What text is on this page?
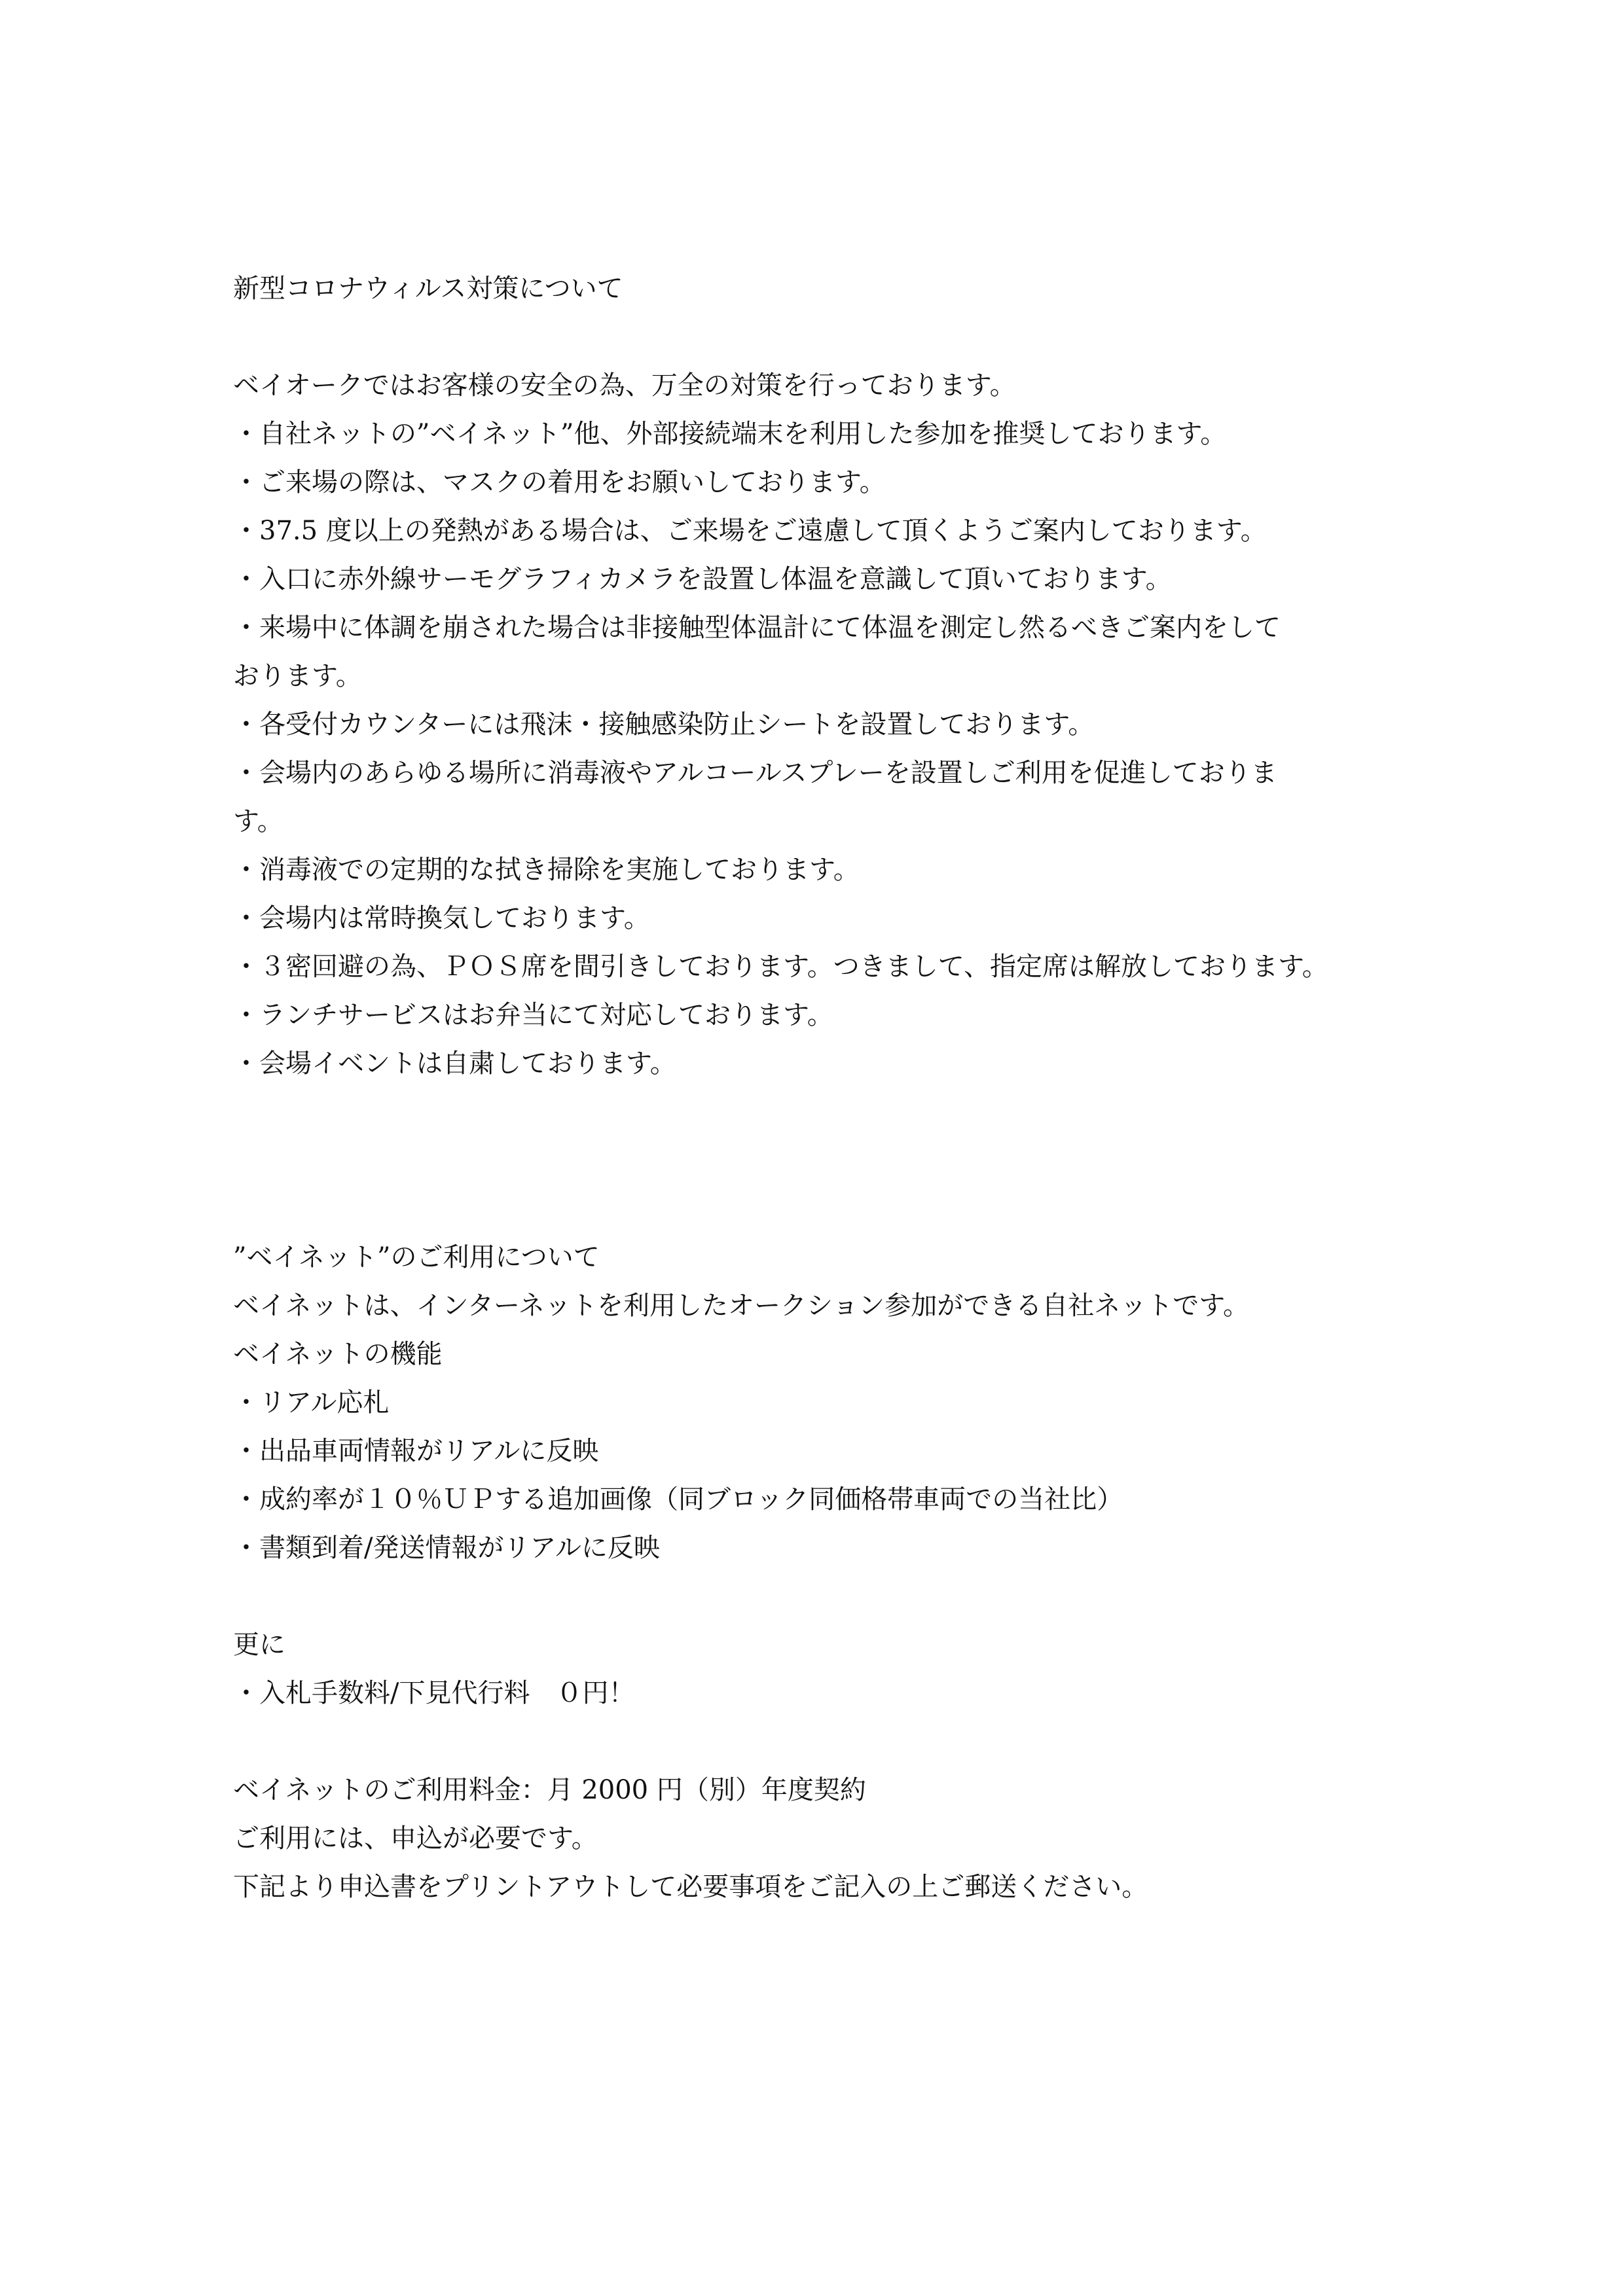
新型コロナウィルス対策について
ベイオークではお客様の安全の為、万全の対策を行っております。
・自社ネットの”ベイネット”他、外部接続端末を利用した参加を推奨しております。
・ご来場の際は、マスクの着用をお願いしております。
・37.5 度以上の発熱がある場合は、ご来場をご遠慮して頂くようご案内しております。
・入口に赤外線サーモグラフィカメラを設置し体温を意識して頂いております。
・来場中に体調を崩された場合は非接触型体温計にて体温を測定し然るべきご案内をして
おります。
・各受付カウンターには飛沫・接触感染防止シートを設置しております。
・会場内のあらゆる場所に消毒液やアルコールスプレーを設置しご利用を促進しておりま
す。
・消毒液での定期的な拭き掃除を実施しております。
・会場内は常時換気しております。
・３密回避の為、ＰＯＳ席を間引きしております。つきまして、指定席は解放しております。
・ランチサービスはお弁当にて対応しております。
・会場イベントは自粛しております。
”ベイネット”のご利用について
ベイネットは、インターネットを利用したオークション参加ができる自社ネットです。
ベイネットの機能
・リアル応札
・出品車両情報がリアルに反映
・成約率が１０％ＵＰする追加画像（同ブロック同価格帯車両での当社比）
・書類到着/発送情報がリアルに反映
更に
・入札手数料/下見代行料　０円！
ベイネットのご利用料金：月 2000 円（別）年度契約
ご利用には、申込が必要です。
下記より申込書をプリントアウトして必要事項をご記入の上ご郵送ください。
